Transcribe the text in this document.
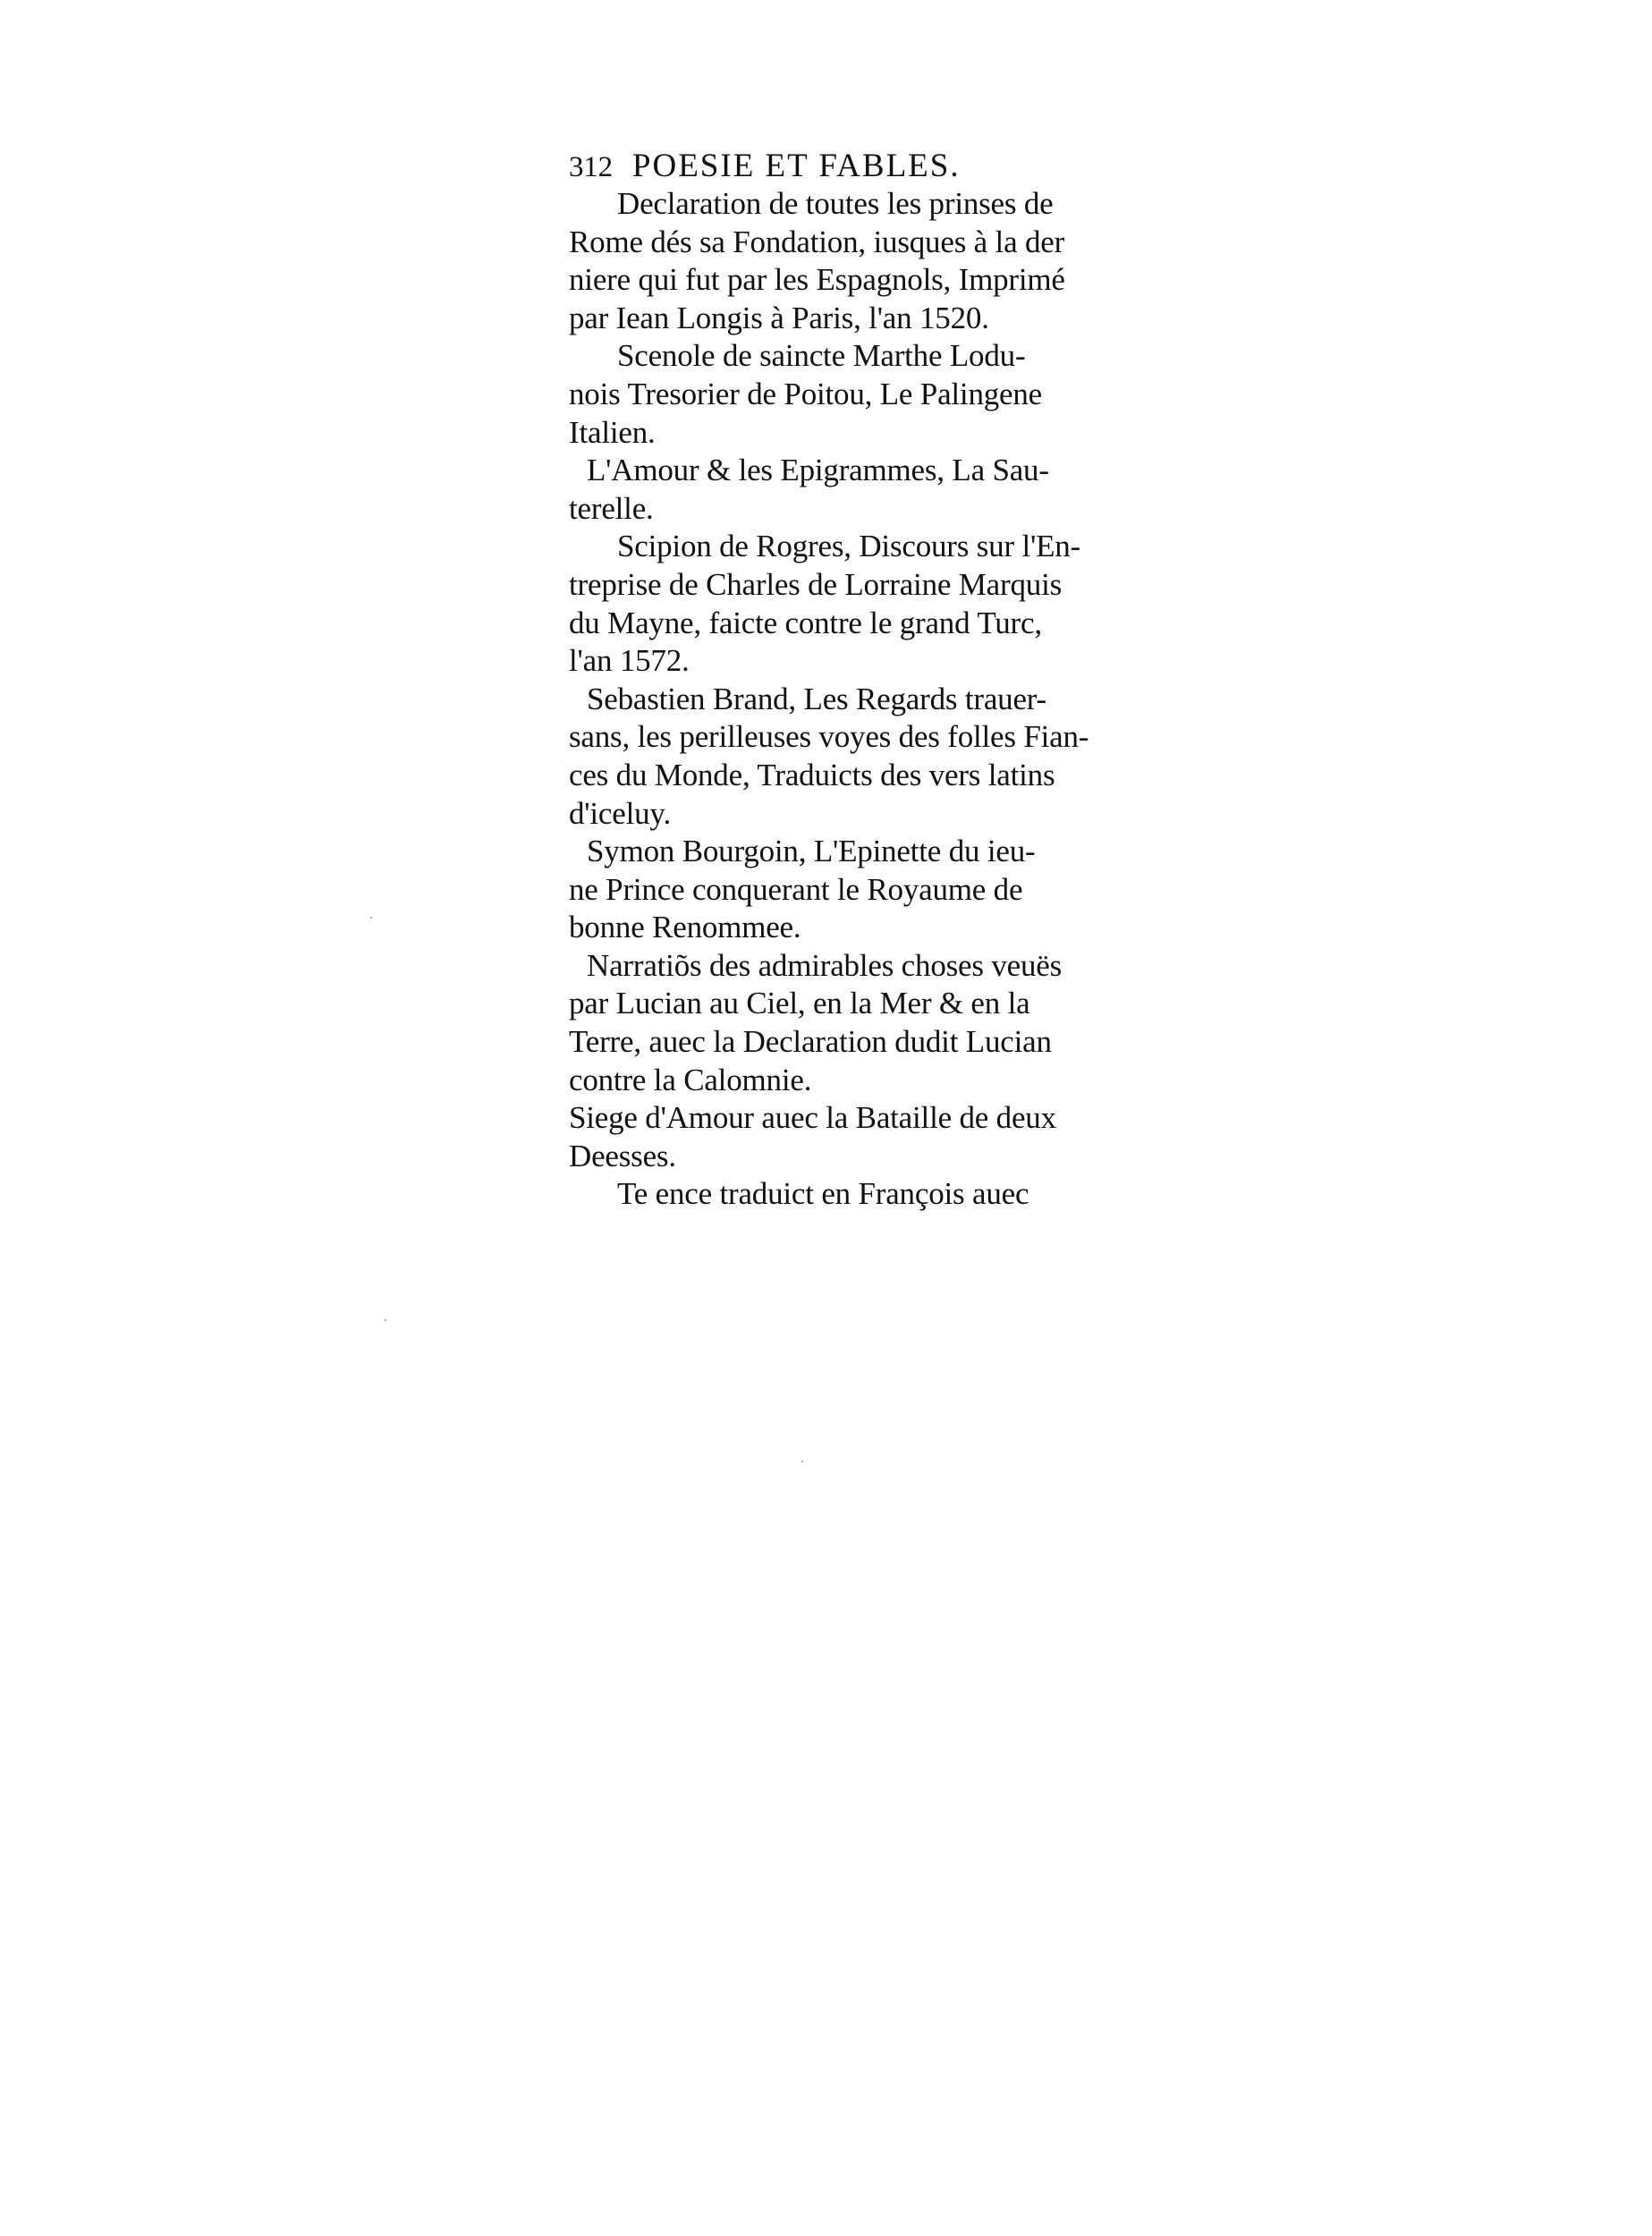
312 POESIE ET FABLES.

Declaration de toutes les prinses de
Rome dés sa Fondation, iusques à la der
niere qui fut par les Espagnols, Imprimé
par Iean Longis à Paris, l'an 1520.

Scenole de saincte Marthe Lodu-
nois Tresorier de Poitou, Le Palingene
Italien.

L'Amour & les Epigrammes, La Sau-
terelle.

Scipion de Rogres, Discours sur l'En-
treprise de Charles de Lorraine Marquis
du Mayne, faicte contre le grand Turc,
l'an 1572.

Sebastien Brand, Les Regards trauer-
sans, les perilleuses voyes des folles Fian-
ces du Monde, Traduicts des vers latins
d'iceluy.

Symon Bourgoin, L'Epinette du ieu-
ne Prince conquerant le Royaume de
bonne Renommee.

Narratiõs des admirables choses veuës
par Lucian au Ciel, en la Mer & en la
Terre, auec la Declaration dudit Lucian
contre la Calomnie.

Siege d'Amour auec la Bataille de deux
Deesses.

Te ence traduict en François auec
